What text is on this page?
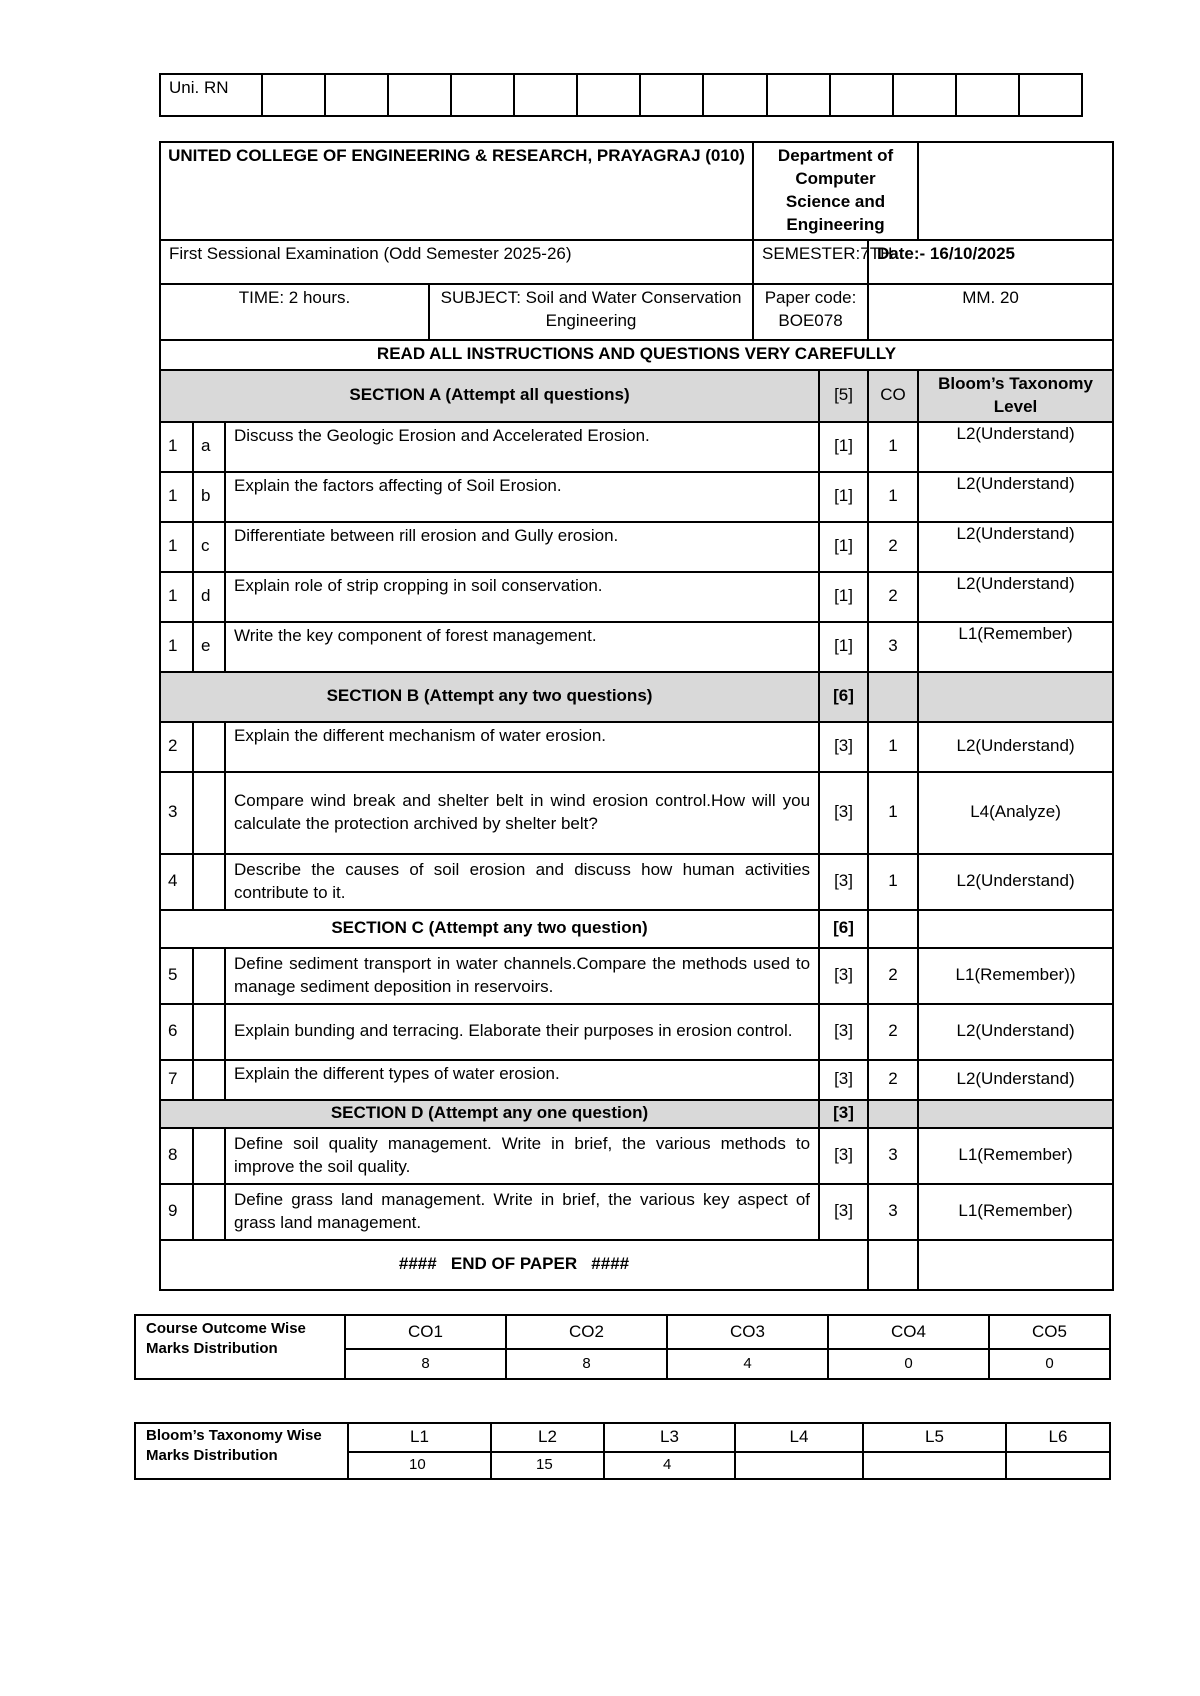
Uni. RN													
UNITED COLLEGE OF ENGINEERING & RESEARCH, PRAYAGRAJ (010)				Department of Computer Science and Engineering			
First Sessional Examination (Odd Semester 2025-26)				SEMESTER:7TH		Date:- 16/10/2025	
TIME: 2 hours.			SUBJECT: Soil and Water Conservation Engineering	Paper code: BOE078		MM. 20	
READ ALL INSTRUCTIONS AND QUESTIONS VERY CAREFULLY							
SECTION A (Attempt all questions)					[5]	CO	Bloom’s Taxonomy Level
1	a	Discuss the Geologic Erosion and Accelerated Erosion.			[1]	1	L2(Understand)
1	b	Explain the factors affecting of Soil Erosion.			[1]	1	L2(Understand)
1	c	Differentiate between rill erosion and Gully erosion.			[1]	2	L2(Understand)
1	d	Explain role of strip cropping in soil conservation.			[1]	2	L2(Understand)
1	e	Write the key component of forest management.			[1]	3	L1(Remember)
SECTION B (Attempt any two questions)					[6]		
2		Explain the different mechanism of water erosion.			[3]	1	L2(Understand)
3		Compare wind break and shelter belt in wind erosion control.How will you calculate the protection archived by shelter belt?			[3]	1	L4(Analyze)
4		Describe the causes of soil erosion and discuss how human activities contribute to it.			[3]	1	L2(Understand)
SECTION C (Attempt any two question)					[6]		
5		Define sediment transport in water channels.Compare the methods used to manage sediment deposition in reservoirs.			[3]	2	L1(Remember))
6		Explain bunding and terracing. Elaborate their purposes in erosion control.			[3]	2	L2(Understand)
7		Explain the different types of water erosion.			[3]	2	L2(Understand)
SECTION D (Attempt any one question)					[3]		
8		Define soil quality management. Write in brief, the various methods to improve the soil quality.			[3]	3	L1(Remember)
9		Define grass land management. Write in brief, the various key aspect of grass land management.			[3]	3	L1(Remember)
####   END OF PAPER   ####							
Course Outcome Wise Marks Distribution	CO1	CO2	CO3	CO4	CO5
	8	8	4	0	0
Bloom’s Taxonomy Wise Marks Distribution	L1	L2	L3	L4	L5	L6
	10	15	4			
